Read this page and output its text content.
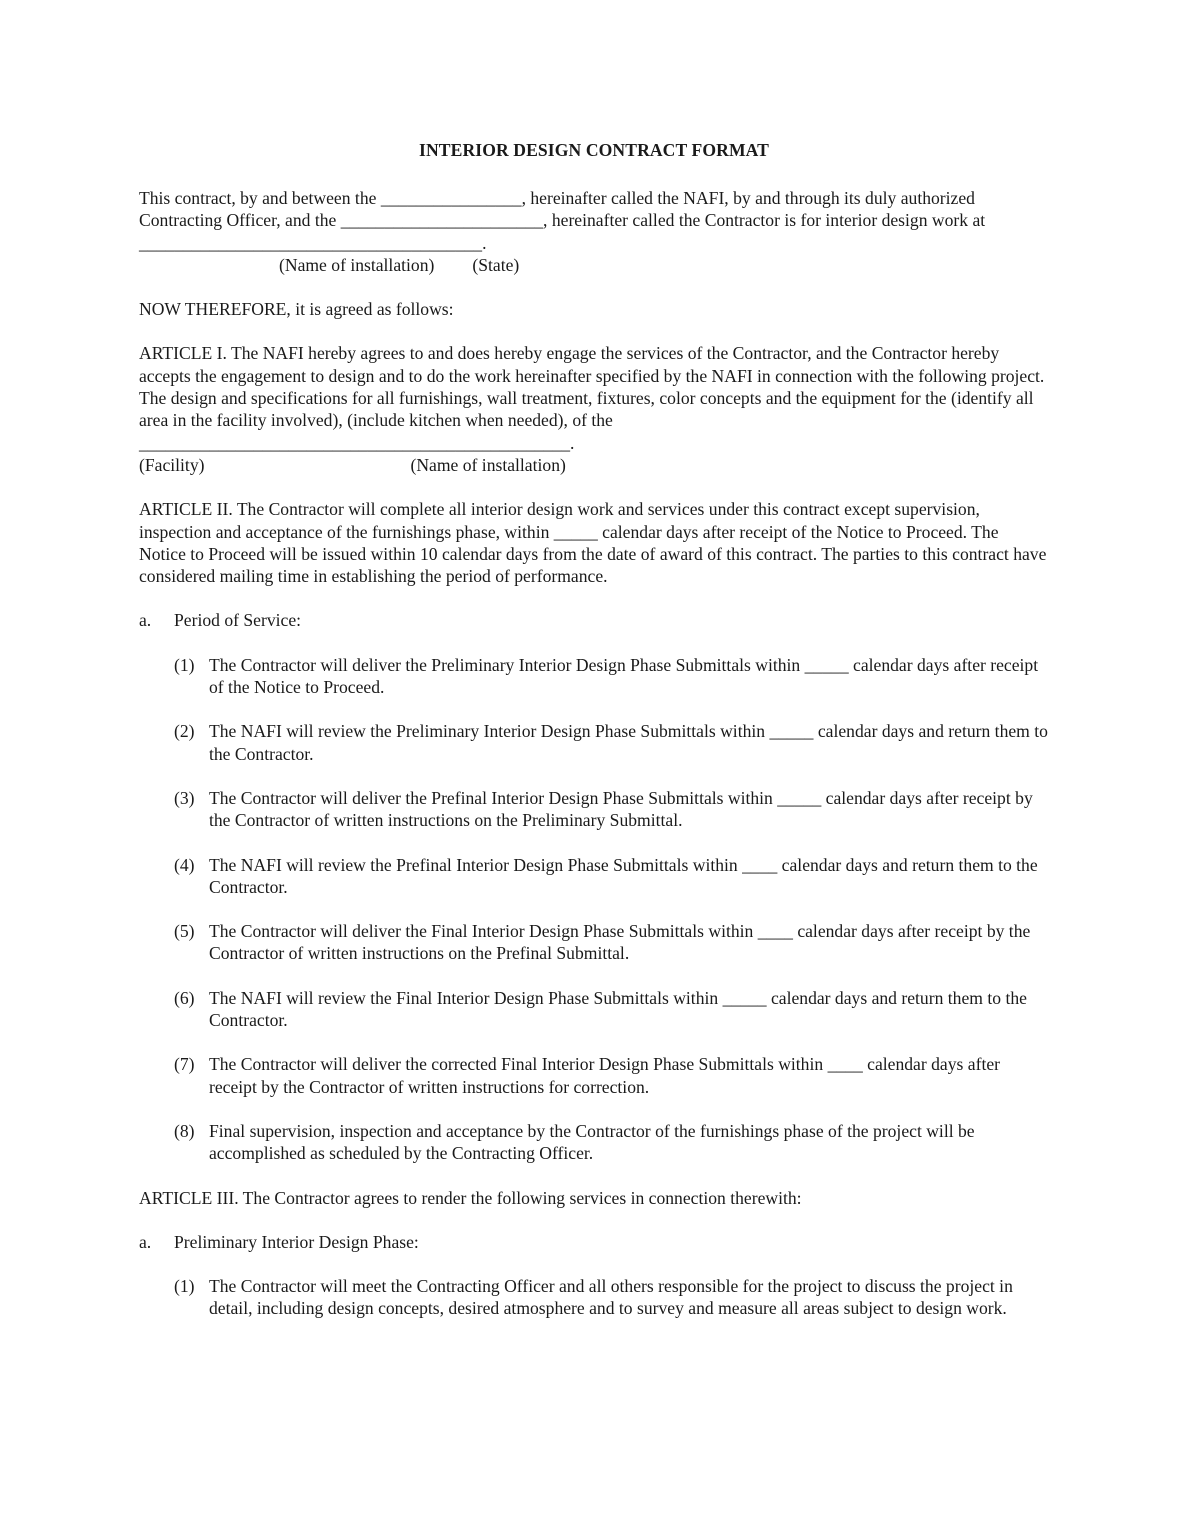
INTERIOR DESIGN CONTRACT FORMAT

This contract, by and between the ________________, hereinafter called the NAFI, by and through its duly authorized Contracting Officer, and the _______________________, hereinafter called the Contractor is for interior design work at _______________________________________.

(Name of installation) (State)

NOW THEREFORE, it is agreed as follows:

ARTICLE I. The NAFI hereby agrees to and does hereby engage the services of the Contractor, and the Contractor hereby accepts the engagement to design and to do the work hereinafter specified by the NAFI in connection with the following project. The design and specifications for all furnishings, wall treatment, fixtures, color concepts and the equipment for the (identify all area in the facility involved), (include kitchen when needed), of the

_________________________________________________.

(Facility)	(Name of installation)

ARTICLE II. The Contractor will complete all interior design work and services under this contract except supervision, inspection and acceptance of the furnishings phase, within _____ calendar days after receipt of the Notice to Proceed. The Notice to Proceed will be issued within 10 calendar days from the date of award of this contract. The parties to this contract have considered mailing time in establishing the period of performance.

a. Period of Service:
(1) The Contractor will deliver the Preliminary Interior Design Phase Submittals within _____ calendar days after receipt of the Notice to Proceed.
(2) The NAFI will review the Preliminary Interior Design Phase Submittals within _____ calendar days and return them to the Contractor.
(3) The Contractor will deliver the Prefinal Interior Design Phase Submittals within _____ calendar days after receipt by the Contractor of written instructions on the Preliminary Submittal.
(4) The NAFI will review the Prefinal Interior Design Phase Submittals within ____ calendar days and return them to the Contractor.
(5) The Contractor will deliver the Final Interior Design Phase Submittals within ____ calendar days after receipt by the Contractor of written instructions on the Prefinal Submittal.
(6) The NAFI will review the Final Interior Design Phase Submittals within _____ calendar days and return them to the Contractor.
(7) The Contractor will deliver the corrected Final Interior Design Phase Submittals within ____ calendar days after receipt by the Contractor of written instructions for correction.
(8) Final supervision, inspection and acceptance by the Contractor of the furnishings phase of the project will be accomplished as scheduled by the Contracting Officer.

ARTICLE III. The Contractor agrees to render the following services in connection therewith:

a. Preliminary Interior Design Phase:
(1) The Contractor will meet the Contracting Officer and all others responsible for the project to discuss the project in detail, including design concepts, desired atmosphere and to survey and measure all areas subject to design work.
